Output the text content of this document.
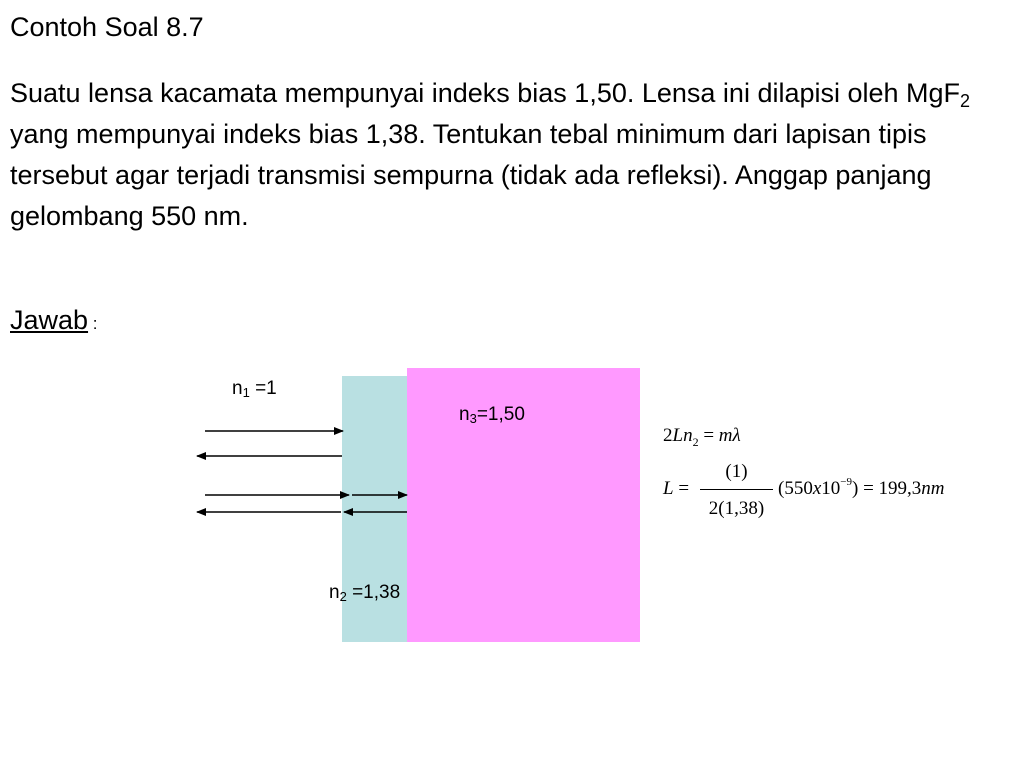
Contoh Soal 8.7
Suatu lensa kacamata mempunyai indeks bias 1,50. Lensa ini dilapisi oleh MgF$_2$ yang mempunyai indeks bias 1,38. Tentukan tebal minimum dari lapisan tipis tersebut agar terjadi transmisi sempurna (tidak ada refleksi). Anggap panjang gelombang 550 nm.
Jawab :
$n_1 =1$
$n_3=1,50$
$n_2 =1,38$
$2Ln_2 = m\lambda$
L =
(1)
2(1,38)
$(550x10^{-9}) = 199,3nm$
